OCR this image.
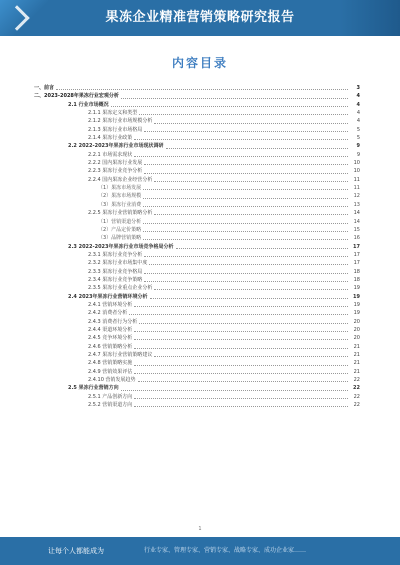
果冻企业精准营销策略研究报告
内容目录
一、前言	3
二、2023-2028年果冻行业宏观分析	4
2.1 行业市场概况	4
2.1.1 果冻定义和类型	4
2.1.2 果冻行业市场规模分析	4
2.1.3 果冻行业市场格局	5
2.1.4 果冻行业政策	5
2.2 2022-2023年果冻行业市场现状调研	9
2.2.1 市场需求现状	9
2.2.2 国内果冻行业发展	10
2.2.3 果冻行业竞争分析	10
2.2.4 国内果冻企业经营分析	11
（1）果冻市场发展	11
（2）果冻市场规模	12
（3）果冻行业消费	13
2.2.5 果冻行业营销策略分析	14
（1）营销渠道分析	14
（2）产品定价策略	15
（3）品牌营销策略	16
2.3 2022-2023年果冻行业市场竞争格局分析	17
2.3.1 果冻行业竞争分析	17
2.3.2 果冻行业市场集中度	17
2.3.3 果冻行业竞争格局	18
2.3.4 果冻行业竞争策略	18
2.3.5 果冻行业重点企业分析	19
2.4 2023年果冻行业营销环境分析	19
2.4.1 营销环境分析	19
2.4.2 消费者分析	19
2.4.3 消费者行为分析	20
2.4.4 渠道环境分析	20
2.4.5 竞争环境分析	20
2.4.6 营销策略分析	21
2.4.7 果冻行业营销策略建议	21
2.4.8 营销策略实施	21
2.4.9 营销效果评估	21
2.4.10 营销发展趋势	22
2.5 果冻行业营销方向	22
2.5.1 产品创新方向	22
2.5.2 营销渠道方向	22
1
让每个人都能成为	行业专家、管理专家、营销专家、战略专家、成功企业家……
